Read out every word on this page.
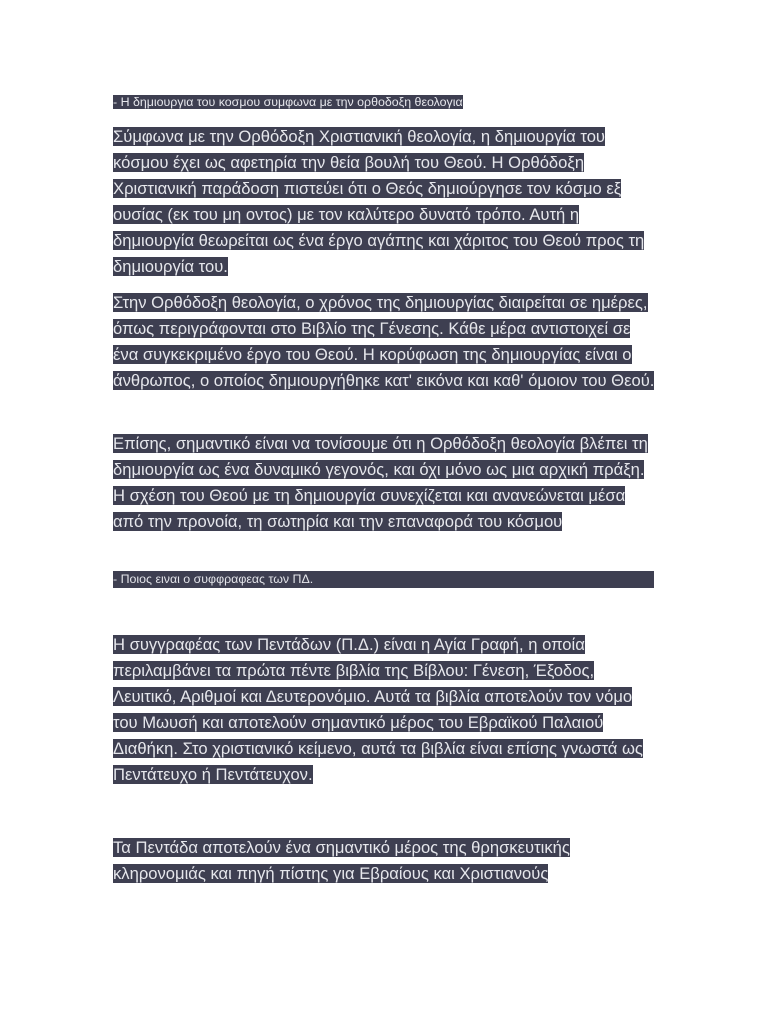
- Η δημιουργια του κοσμου συμφωνα με την ορθοδοξη θεολογια
Σύμφωνα με την Ορθόδοξη Χριστιανική θεολογία, η δημιουργία του κόσμου έχει ως αφετηρία την θεία βουλή του Θεού. Η Ορθόδοξη Χριστιανική παράδοση πιστεύει ότι ο Θεός δημιούργησε τον κόσμο εξ ουσίας (εκ του μη οντος) με τον καλύτερο δυνατό τρόπο. Αυτή η δημιουργία θεωρείται ως ένα έργο αγάπης και χάριτος του Θεού προς τη δημιουργία του.
Στην Ορθόδοξη θεολογία, ο χρόνος της δημιουργίας διαιρείται σε ημέρες, όπως περιγράφονται στο Βιβλίο της Γένεσης. Κάθε μέρα αντιστοιχεί σε ένα συγκεκριμένο έργο του Θεού. Η κορύφωση της δημιουργίας είναι ο άνθρωπος, ο οποίος δημιουργήθηκε κατ' εικόνα και καθ' όμοιον του Θεού.
Επίσης, σημαντικό είναι να τονίσουμε ότι η Ορθόδοξη θεολογία βλέπει τη δημιουργία ως ένα δυναμικό γεγονός, και όχι μόνο ως μια αρχική πράξη. Η σχέση του Θεού με τη δημιουργία συνεχίζεται και ανανεώνεται μέσα από την προνοία, τη σωτηρία και την επαναφορά του κόσμου
- Ποιος ειναι ο συφφραφεας των ΠΔ.
Η συγγραφέας των Πεντάδων (Π.Δ.) είναι η Αγία Γραφή, η οποία περιλαμβάνει τα πρώτα πέντε βιβλία της Βίβλου: Γένεση, Έξοδος, Λευιτικό, Αριθμοί και Δευτερονόμιο. Αυτά τα βιβλία αποτελούν τον νόμο του Μωυσή και αποτελούν σημαντικό μέρος του Εβραϊκού Παλαιού Διαθήκη. Στο χριστιανικό κείμενο, αυτά τα βιβλία είναι επίσης γνωστά ως Πεντάτευχο ή Πεντάτευχον.
Τα Πεντάδα αποτελούν ένα σημαντικό μέρος της θρησκευτικής κληρονομιάς και πηγή πίστης για Εβραίους και Χριστιανούς
